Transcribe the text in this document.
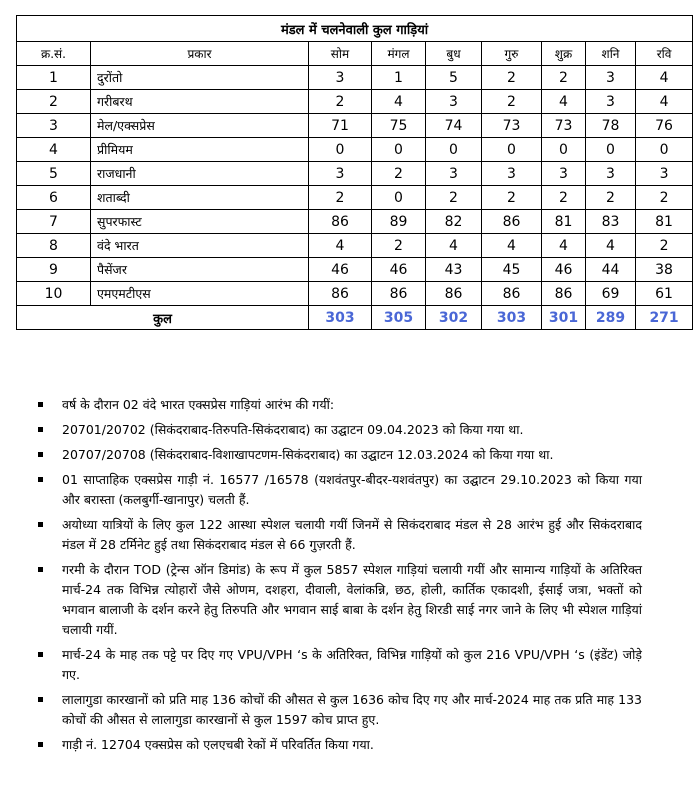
मंडल में चलनेवाली कुल गाड़ियां								
क्र.सं.	प्रकार	सोम	मंगल	बुध	गुरु	शुक्र	शनि	रवि
1	दुरोंतो	3	1	5	2	2	3	4
2	गरीबरथ	2	4	3	2	4	3	4
3	मेल/एक्सप्रेस	71	75	74	73	73	78	76
4	प्रीमियम	0	0	0	0	0	0	0
5	राजधानी	3	2	3	3	3	3	3
6	शताब्दी	2	0	2	2	2	2	2
7	सुपरफास्ट	86	89	82	86	81	83	81
8	वंदे भारत	4	2	4	4	4	4	2
9	पैसेंजर	46	46	43	45	46	44	38
10	एमएमटीएस	86	86	86	86	86	69	61
कुल		303	305	302	303	301	289	271
वर्ष के दौरान 02 वंदे भारत एक्सप्रेस गाड़ियां आरंभ की गयीं:
20701/20702 (सिकंदराबाद-तिरुपति-सिकंदराबाद) का उद्घाटन 09.04.2023 को किया गया था.
20707/20708 (सिकंदराबाद-विशाखापटणम-सिकंदराबाद) का उद्घाटन 12.03.2024 को किया गया था.
01 साप्ताहिक एक्सप्रेस गाड़ी नं. 16577 /16578 (यशवंतपुर-बीदर-यशवंतपुर) का उद्घाटन 29.10.2023 को किया गया और बरास्ता (कलबुर्गी-खानापुर) चलती हैं.
अयोध्या यात्रियों के लिए कुल 122 आस्था स्पेशल चलायी गयीं जिनमें से सिकंदराबाद मंडल से 28 आरंभ हुई और सिकंदराबाद मंडल में 28 टर्मिनेट हुई तथा सिकंदराबाद मंडल से 66 गुज़रती हैं.
गरमी के दौरान TOD (ट्रेन्स ऑन डिमांड) के रूप में कुल 5857 स्पेशल गाड़ियां चलायी गयीं और सामान्य गाड़ियों के अतिरिक्त मार्च-24 तक विभिन्न त्योहारों जैसे ओणम, दशहरा, दीवाली, वेलांकन्नि, छठ, होली, कार्तिक एकादशी, ईसाई जत्रा, भक्तों को भगवान बालाजी के दर्शन करने हेतु तिरुपति और भगवान साई बाबा के दर्शन हेतु शिरडी साई नगर जाने के लिए भी स्पेशल गाड़ियां चलायी गयीं.
मार्च-24 के माह तक पट्टे पर दिए गए VPU/VPH ‘s के अतिरिक्त, विभिन्न गाड़ियों को कुल 216 VPU/VPH ‘s (इंडेंट) जोड़े गए.
लालागुडा कारखानों को प्रति माह 136 कोचों की औसत से कुल 1636 कोच दिए गए और मार्च-2024 माह तक प्रति माह 133 कोचों की औसत से लालागुडा कारखानों से कुल 1597 कोच प्राप्त हुए.
गाड़ी नं. 12704 एक्सप्रेस को एलएचबी रेकों में परिवर्तित किया गया.
